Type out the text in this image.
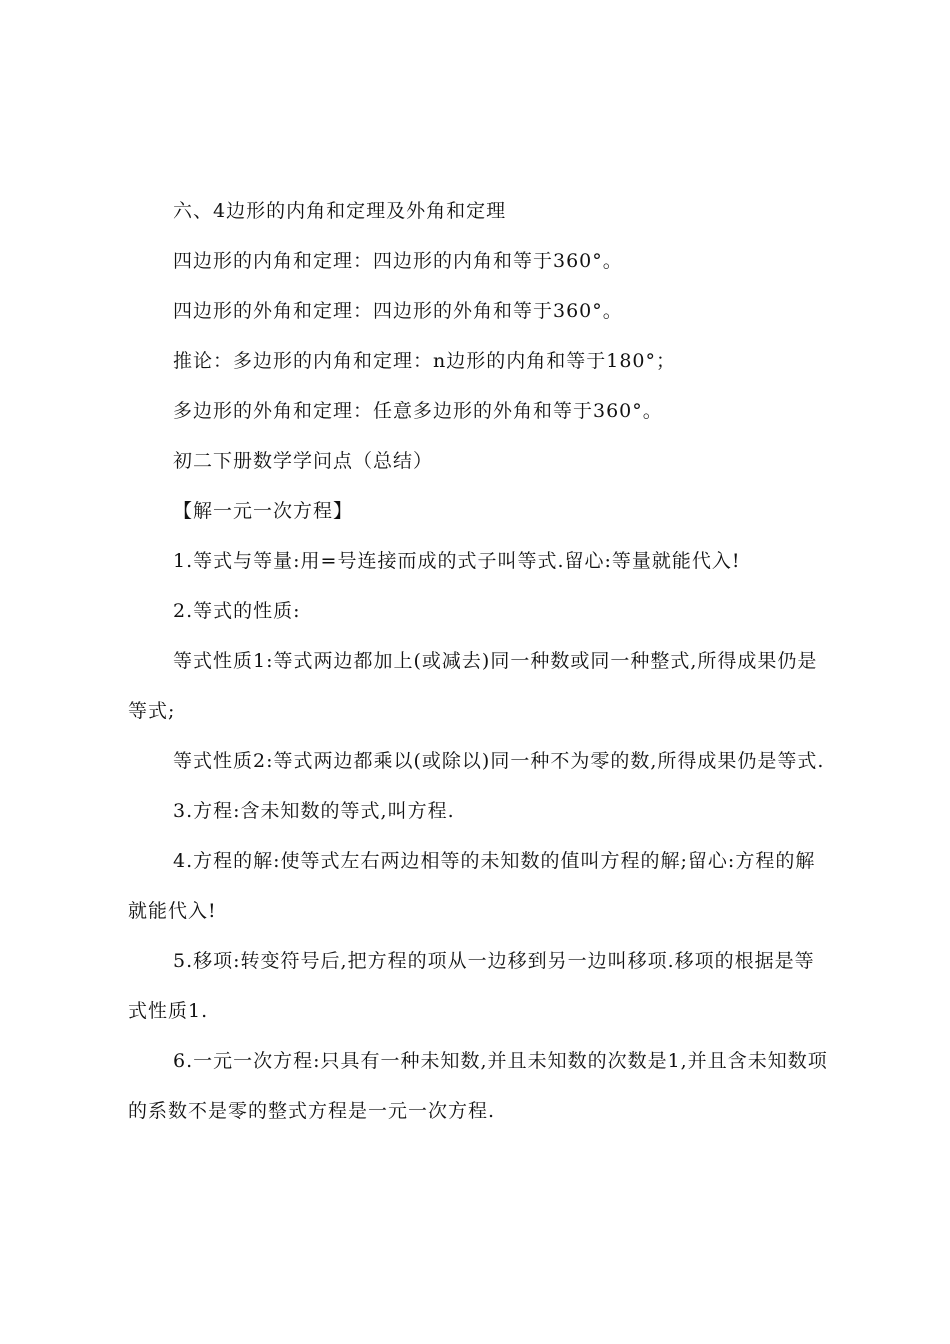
六、4边形的内角和定理及外角和定理

四边形的内角和定理：四边形的内角和等于360°。

四边形的外角和定理：四边形的外角和等于360°。

推论：多边形的内角和定理：n边形的内角和等于180°；

多边形的外角和定理：任意多边形的外角和等于360°。

初二下册数学学问点（总结）

【解一元一次方程】

1.等式与等量:用=号连接而成的式子叫等式.留心:等量就能代入!

2.等式的性质:

等式性质1:等式两边都加上(或减去)同一种数或同一种整式,所得成果仍是等式;

等式性质2:等式两边都乘以(或除以)同一种不为零的数,所得成果仍是等式.

3.方程:含未知数的等式,叫方程.

4.方程的解:使等式左右两边相等的未知数的值叫方程的解;留心:方程的解就能代入!

5.移项:转变符号后,把方程的项从一边移到另一边叫移项.移项的根据是等式性质1.

6.一元一次方程:只具有一种未知数,并且未知数的次数是1,并且含未知数项的系数不是零的整式方程是一元一次方程.
